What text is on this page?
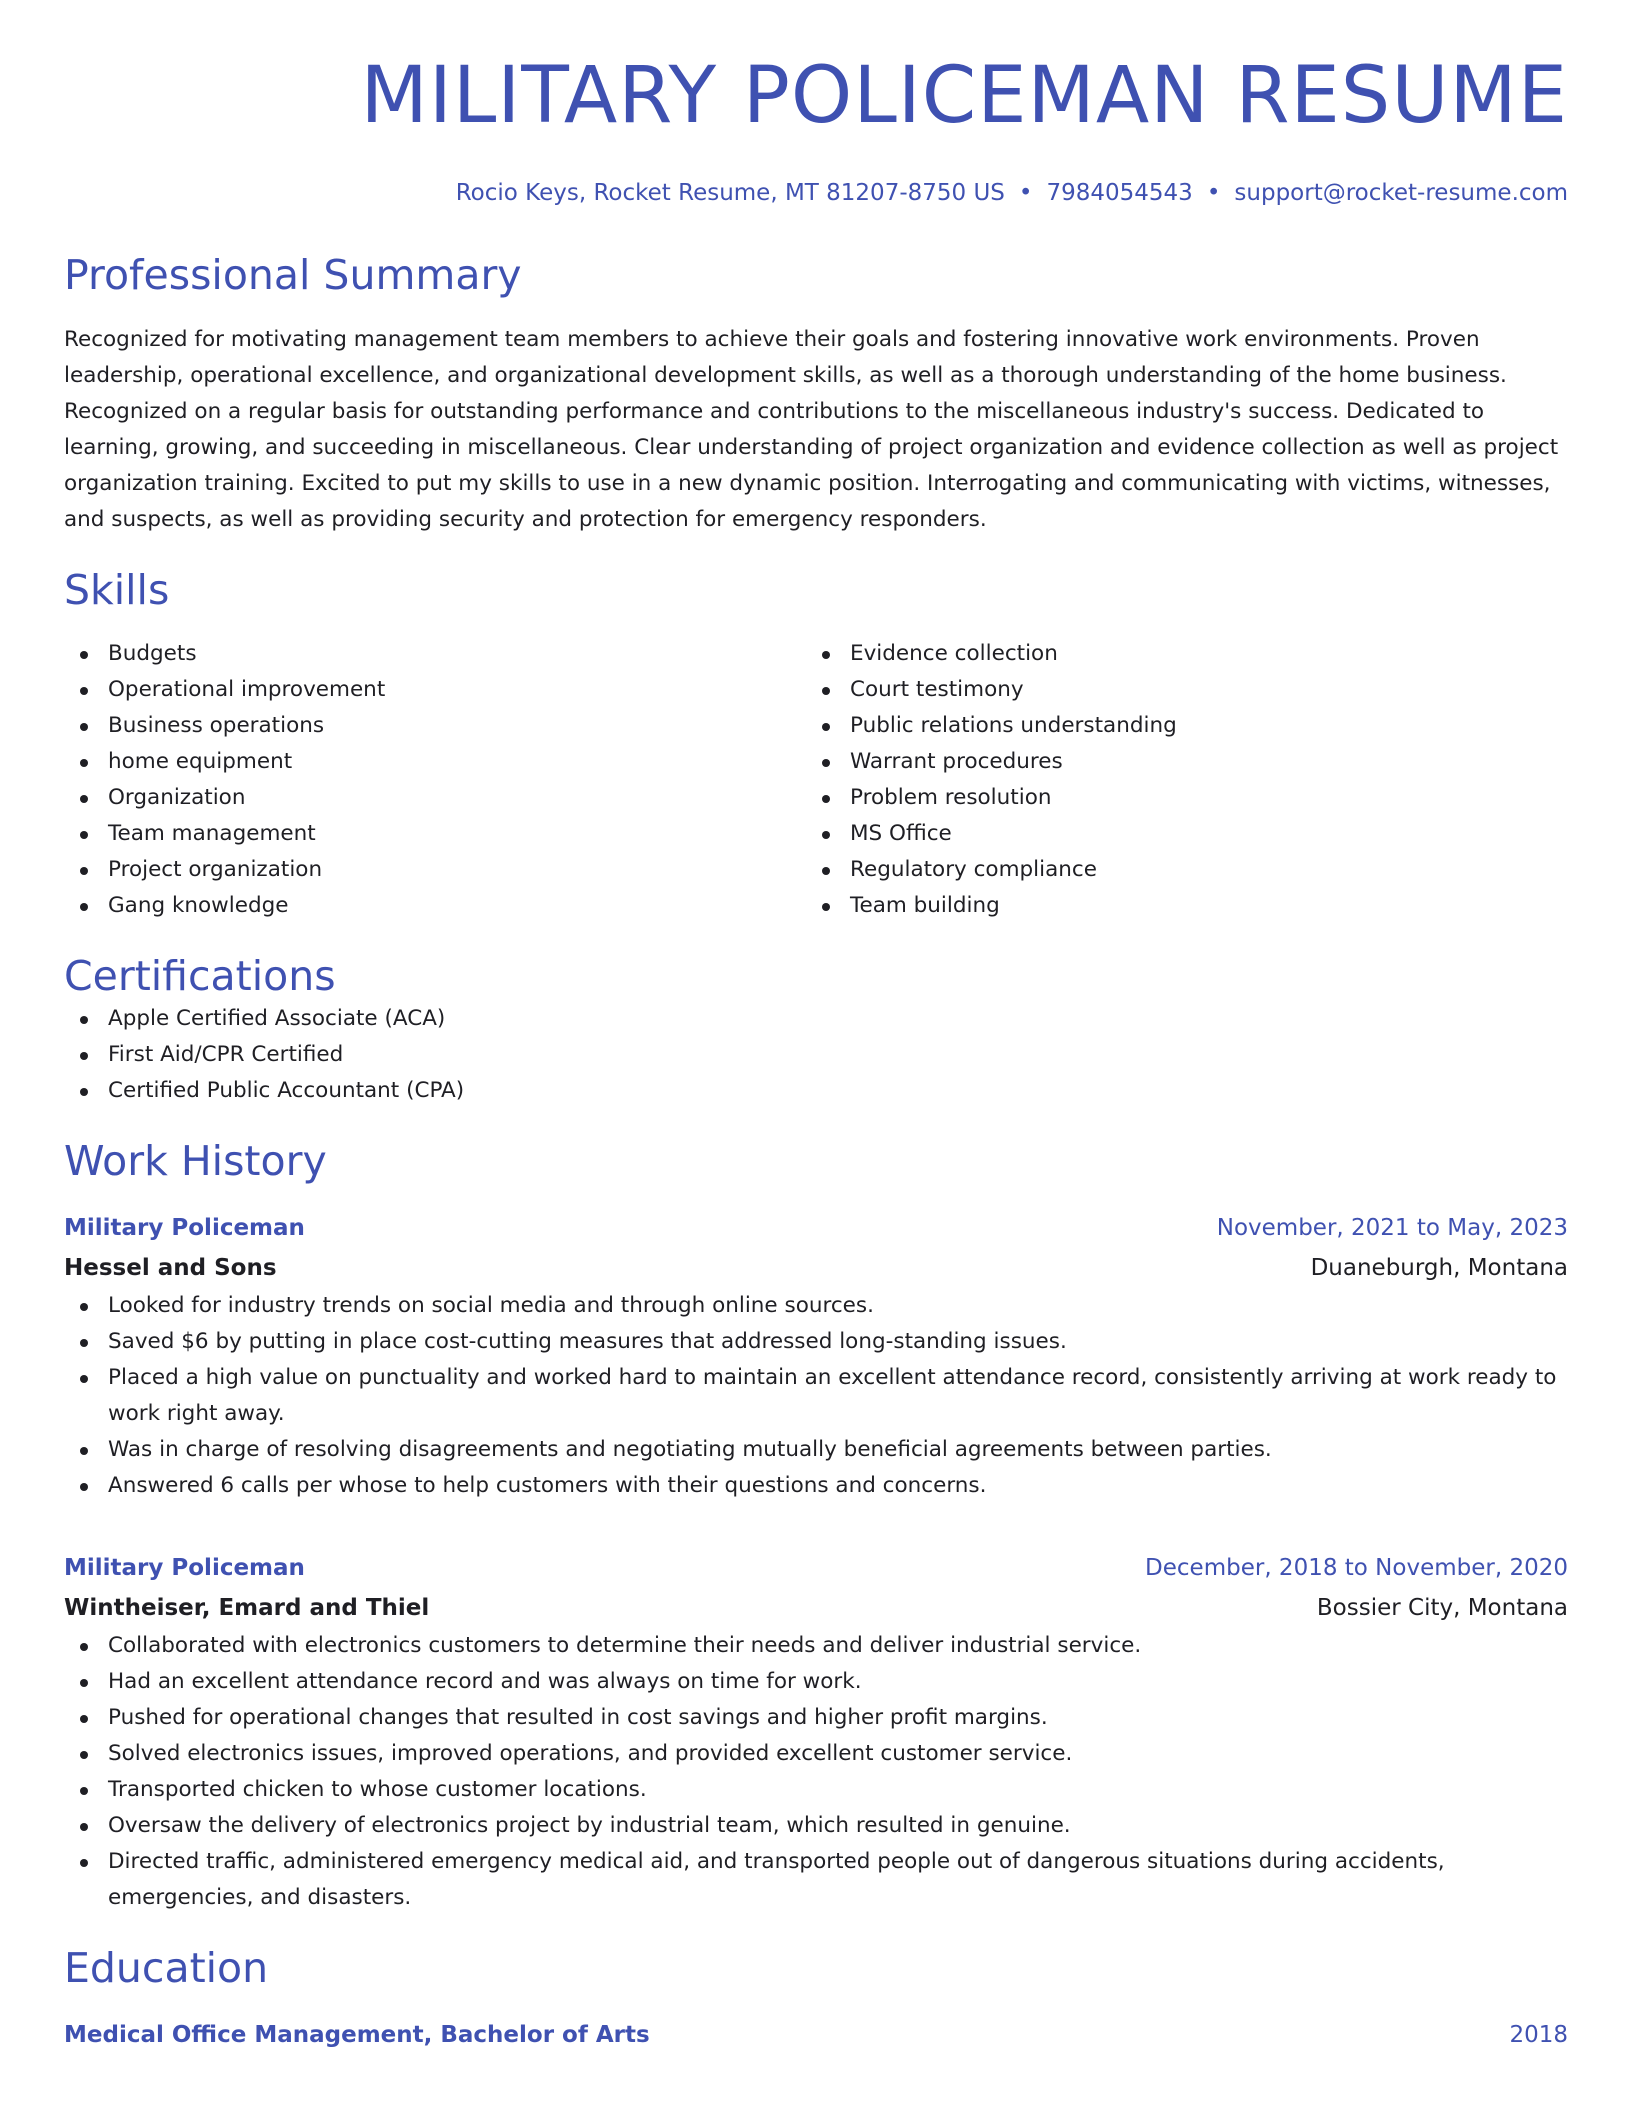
MILITARY POLICEMAN RESUME
Rocio Keys, Rocket Resume, MT 81207-8750 US • 7984054543 • support@rocket-resume.com
Professional Summary
Recognized for motivating management team members to achieve their goals and fostering innovative work environments. Proven leadership, operational excellence, and organizational development skills, as well as a thorough understanding of the home business. Recognized on a regular basis for outstanding performance and contributions to the miscellaneous industry's success. Dedicated to learning, growing, and succeeding in miscellaneous. Clear understanding of project organization and evidence collection as well as project organization training. Excited to put my skills to use in a new dynamic position. Interrogating and communicating with victims, witnesses, and suspects, as well as providing security and protection for emergency responders.
Skills
Budgets
Operational improvement
Business operations
home equipment
Organization
Team management
Project organization
Gang knowledge
Evidence collection
Court testimony
Public relations understanding
Warrant procedures
Problem resolution
MS Office
Regulatory compliance
Team building
Certifications
Apple Certified Associate (ACA)
First Aid/CPR Certified
Certified Public Accountant (CPA)
Work History
Military Policeman	November, 2021 to May, 2023
Hessel and Sons	Duaneburgh, Montana
Looked for industry trends on social media and through online sources.
Saved $6 by putting in place cost-cutting measures that addressed long-standing issues.
Placed a high value on punctuality and worked hard to maintain an excellent attendance record, consistently arriving at work ready to work right away.
Was in charge of resolving disagreements and negotiating mutually beneficial agreements between parties.
Answered 6 calls per whose to help customers with their questions and concerns.
Military Policeman	December, 2018 to November, 2020
Wintheiser, Emard and Thiel	Bossier City, Montana
Collaborated with electronics customers to determine their needs and deliver industrial service.
Had an excellent attendance record and was always on time for work.
Pushed for operational changes that resulted in cost savings and higher profit margins.
Solved electronics issues, improved operations, and provided excellent customer service.
Transported chicken to whose customer locations.
Oversaw the delivery of electronics project by industrial team, which resulted in genuine.
Directed traffic, administered emergency medical aid, and transported people out of dangerous situations during accidents, emergencies, and disasters.
Education
Medical Office Management, Bachelor of Arts	2018
